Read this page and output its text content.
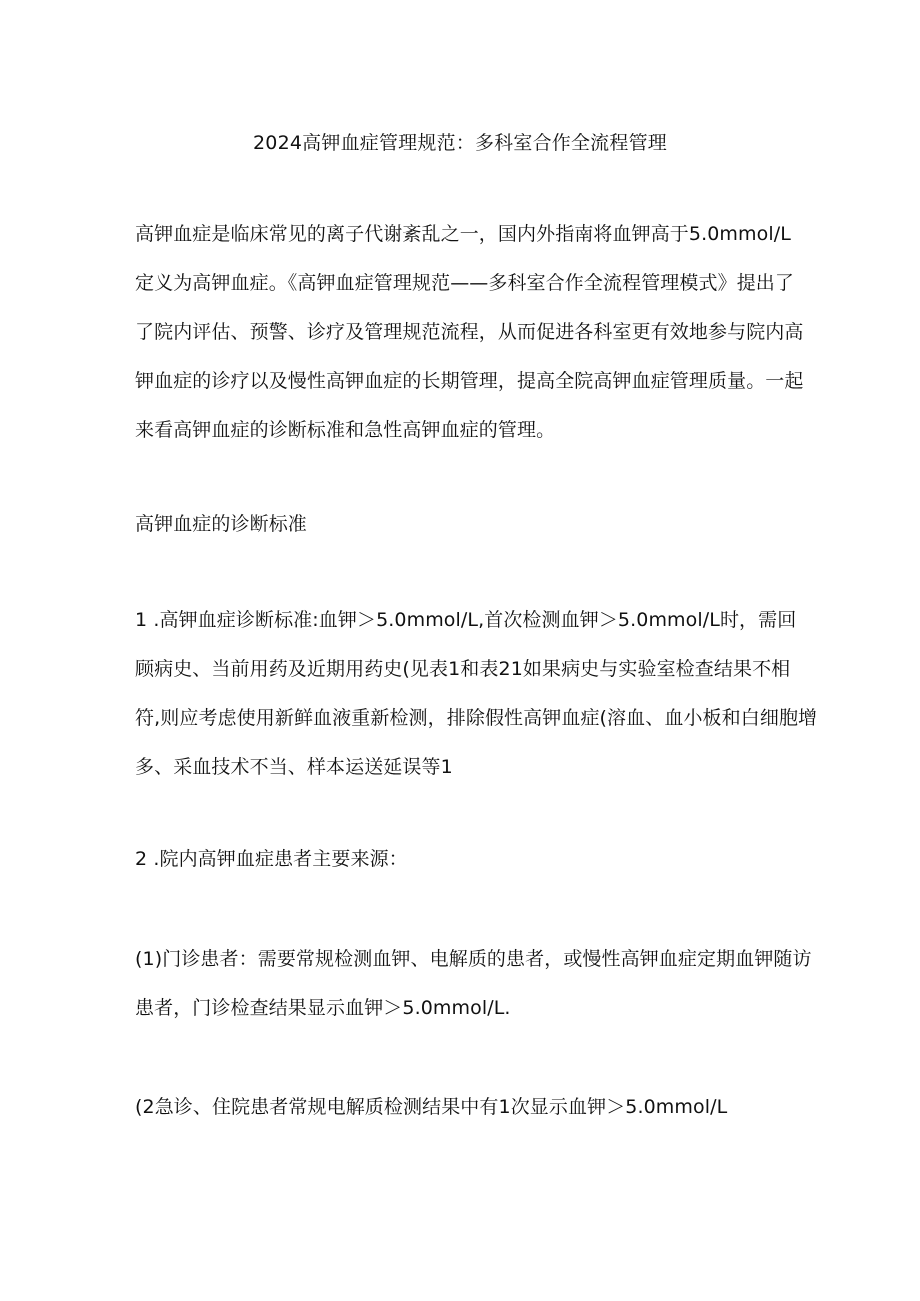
2024高钾血症管理规范：多科室合作全流程管理
高钾血症是临床常见的离子代谢紊乱之一，国内外指南将血钾高于5.0mmol/L
定义为高钾血症。《高钾血症管理规范——多科室合作全流程管理模式》提出了
了院内评估、预警、诊疗及管理规范流程，从而促进各科室更有效地参与院内高
钾血症的诊疗以及慢性高钾血症的长期管理，提高全院高钾血症管理质量。一起
来看高钾血症的诊断标准和急性高钾血症的管理。
高钾血症的诊断标准
1 .高钾血症诊断标准:血钾＞5.0mmol∕L,首次检测血钾＞5.0mmol∕L时，需回
顾病史、当前用药及近期用药史(见表1和表21如果病史与实验室检查结果不相
符,则应考虑使用新鲜血液重新检测，排除假性高钾血症(溶血、血小板和白细胞增
多、采血技术不当、样本运送延误等1
2 .院内高钾血症患者主要来源：
(1)门诊患者：需要常规检测血钾、电解质的患者，或慢性高钾血症定期血钾随访
患者，门诊检查结果显示血钾＞5.0mmol∕L.
(2急诊、住院患者常规电解质检测结果中有1次显示血钾＞5.0mmol∕L
